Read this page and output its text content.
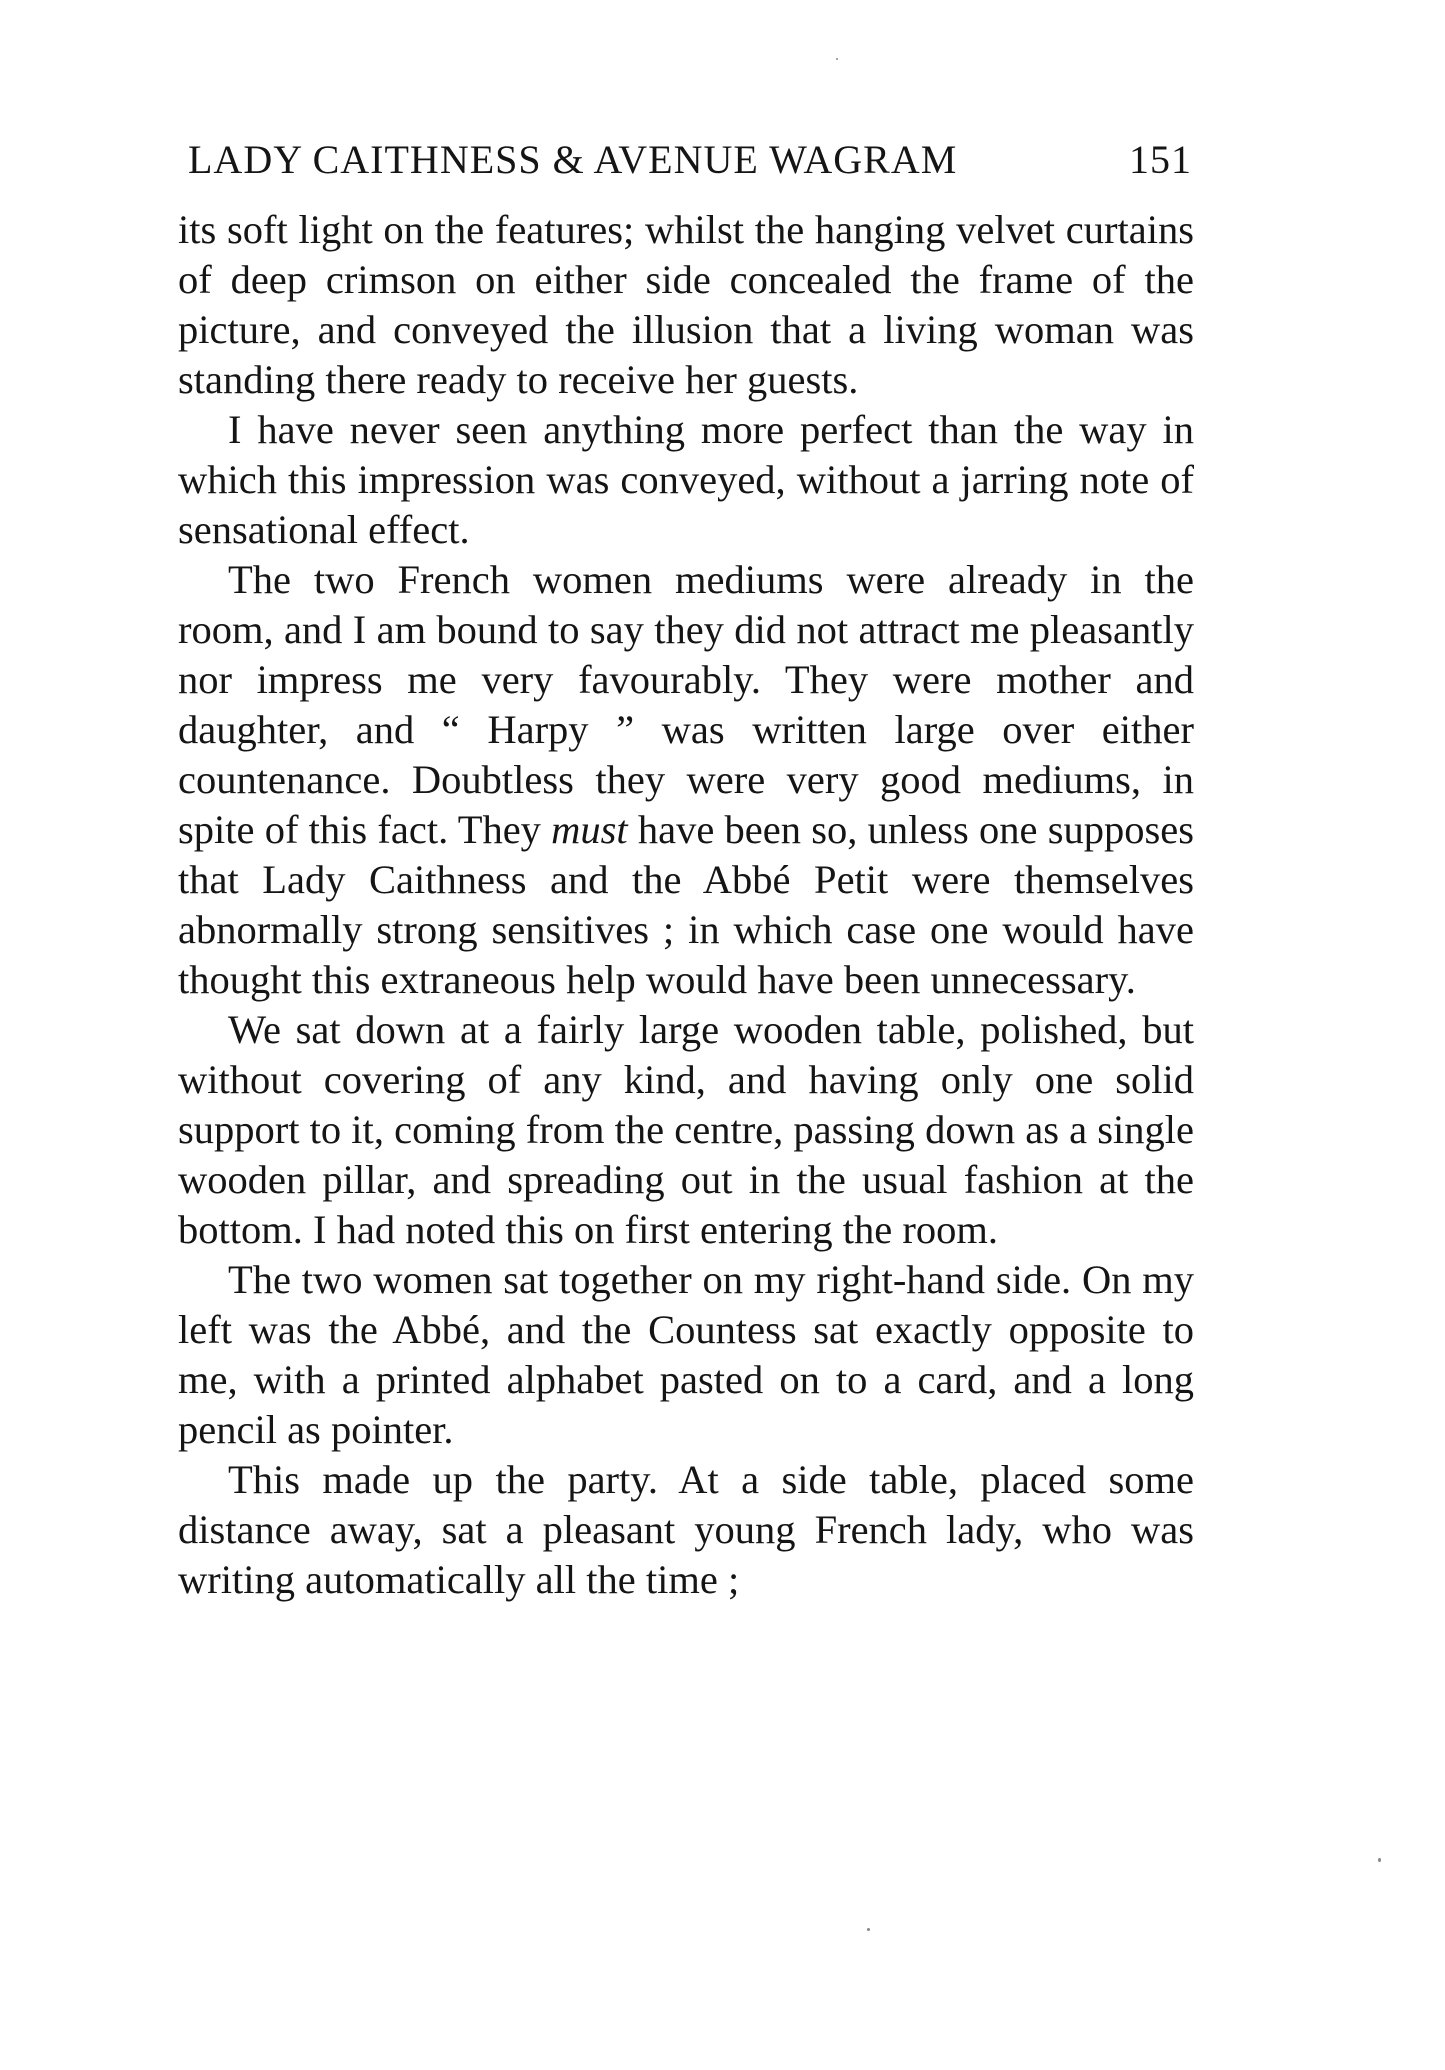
LADY CAITHNESS & AVENUE WAGRAM	151

its soft light on the features; whilst the hanging velvet curtains of deep crimson on either side concealed the frame of the picture, and conveyed the illusion that a living woman was standing there ready to receive her guests.

I have never seen anything more perfect than the way in which this impression was conveyed, without a jarring note of sensational effect.

The two French women mediums were already in the room, and I am bound to say they did not attract me pleasantly nor impress me very favourably. They were mother and daughter, and “ Harpy ” was written large over either countenance. Doubtless they were very good mediums, in spite of this fact. They must have been so, unless one supposes that Lady Caithness and the Abbé Petit were themselves abnormally strong sensitives ; in which case one would have thought this extraneous help would have been unnecessary.

We sat down at a fairly large wooden table, polished, but without covering of any kind, and having only one solid support to it, coming from the centre, passing down as a single wooden pillar, and spreading out in the usual fashion at the bottom. I had noted this on first entering the room.

The two women sat together on my right-hand side. On my left was the Abbé, and the Countess sat exactly opposite to me, with a printed alphabet pasted on to a card, and a long pencil as pointer.

This made up the party. At a side table, placed some distance away, sat a pleasant young French lady, who was writing automatically all the time ;
